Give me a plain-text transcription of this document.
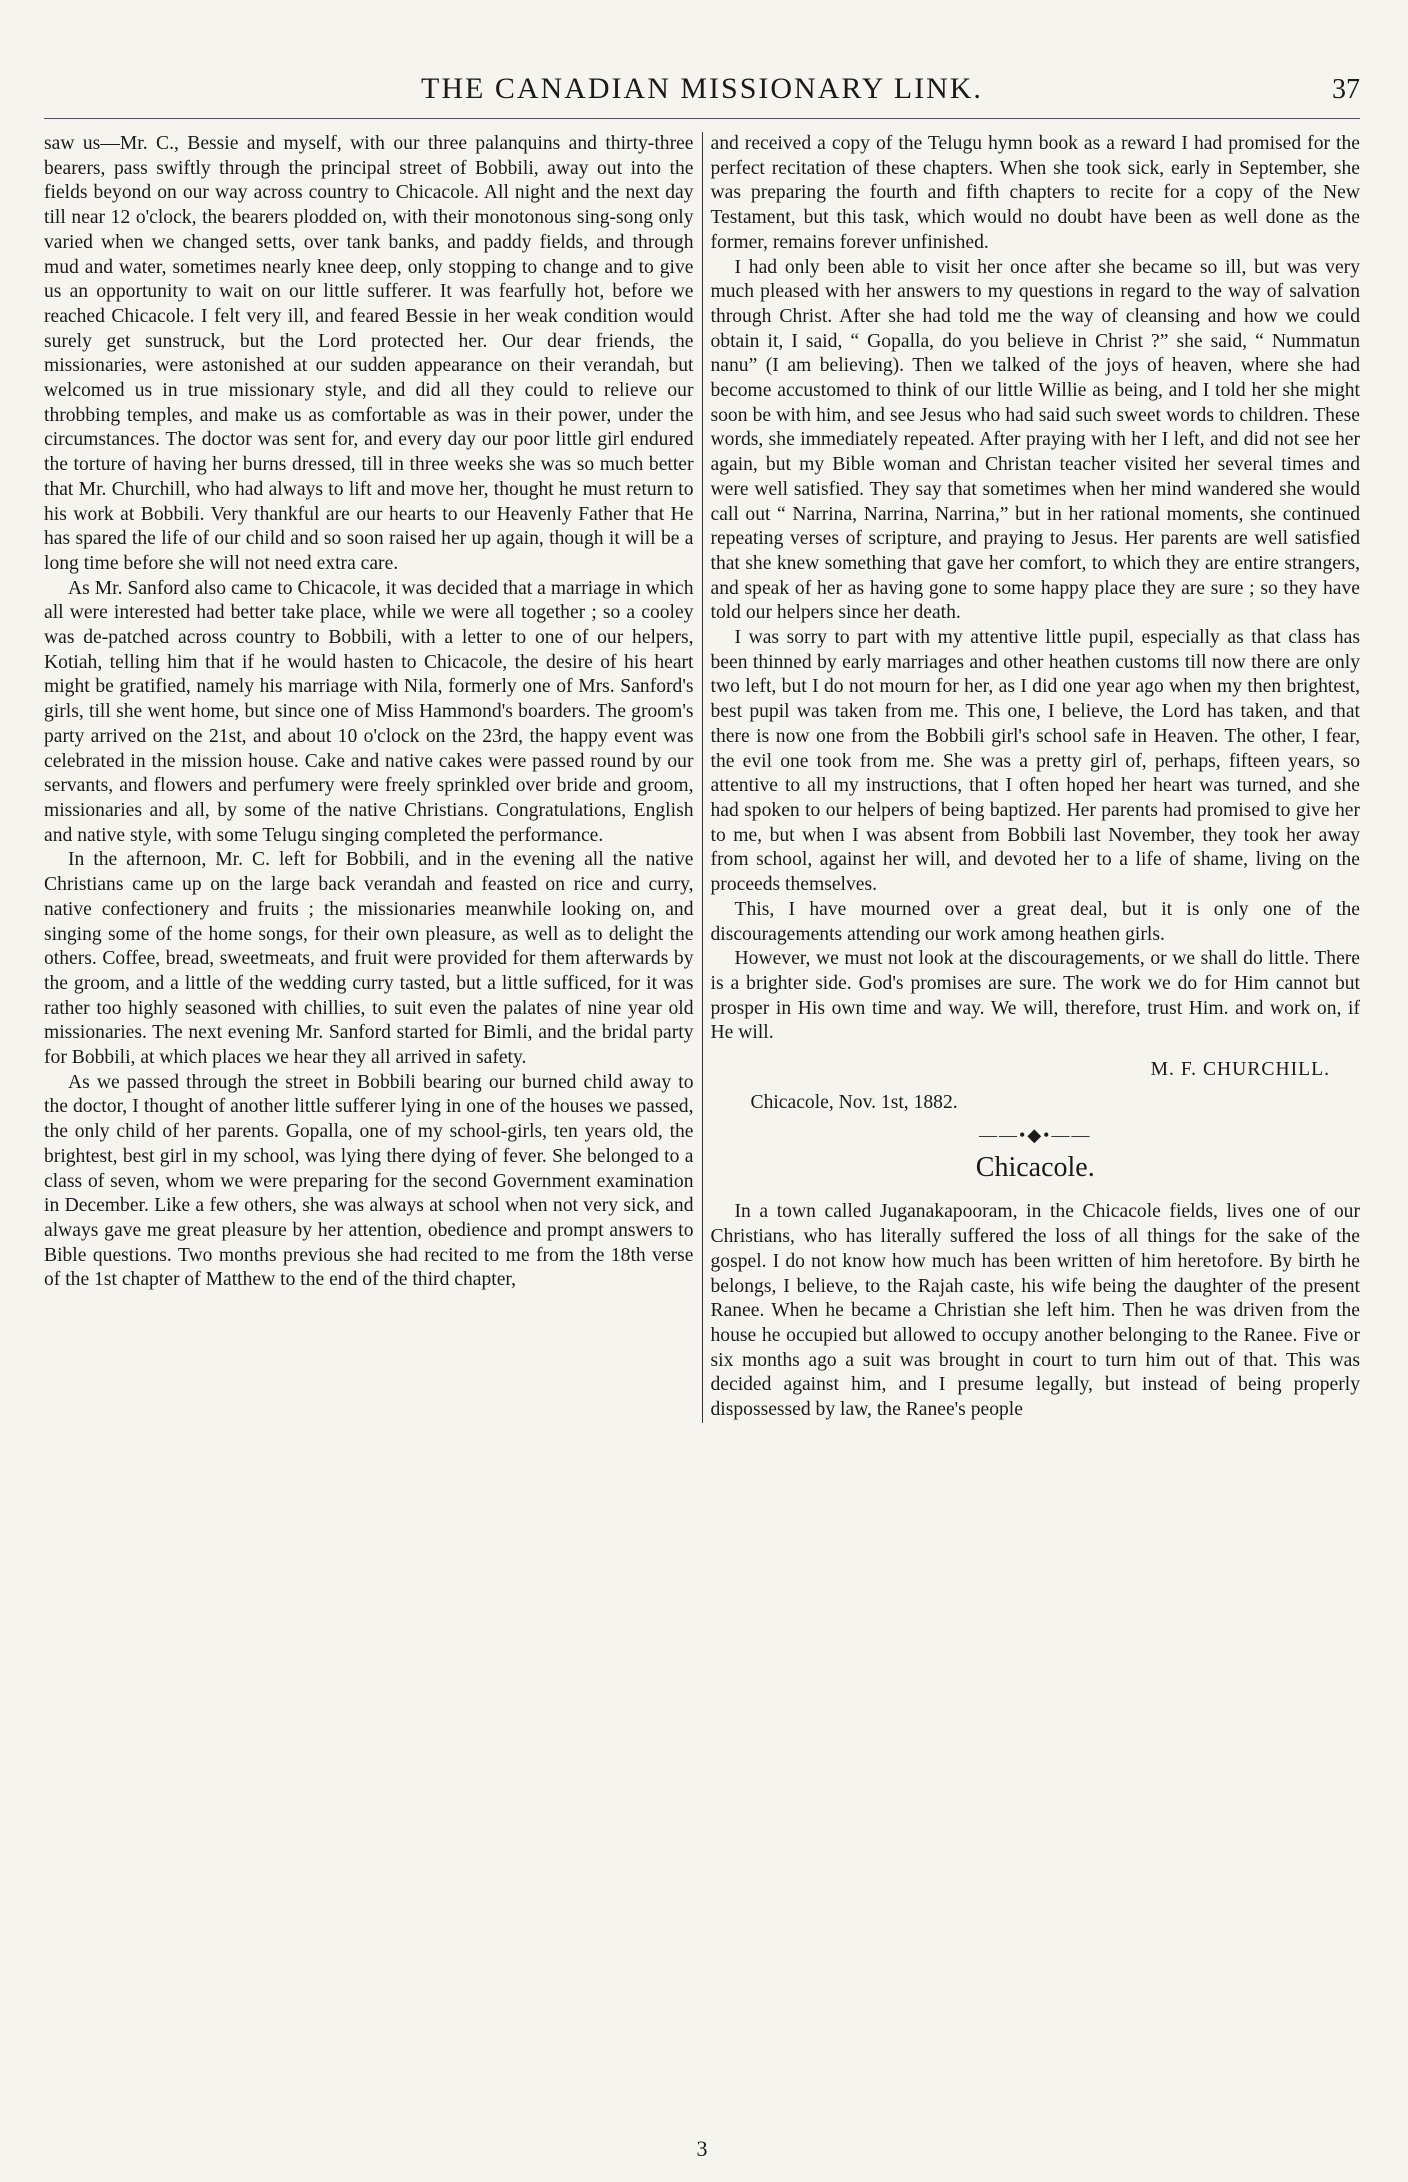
THE CANADIAN MISSIONARY LINK.	37

saw us—Mr. C., Bessie and myself, with our three palanquins and thirty-three bearers, pass swiftly through the principal street of Bobbili, away out into the fields beyond on our way across country to Chicacole. All night and the next day till near 12 o'clock, the bearers plodded on, with their monotonous sing-song only varied when we changed setts, over tank banks, and paddy fields, and through mud and water, sometimes nearly knee deep, only stopping to change and to give us an opportunity to wait on our little sufferer. It was fearfully hot, before we reached Chicacole. I felt very ill, and feared Bessie in her weak condition would surely get sunstruck, but the Lord protected her. Our dear friends, the missionaries, were astonished at our sudden appearance on their verandah, but welcomed us in true missionary style, and did all they could to relieve our throbbing temples, and make us as comfortable as was in their power, under the circumstances. The doctor was sent for, and every day our poor little girl endured the torture of having her burns dressed, till in three weeks she was so much better that Mr. Churchill, who had always to lift and move her, thought he must return to his work at Bobbili. Very thankful are our hearts to our Heavenly Father that He has spared the life of our child and so soon raised her up again, though it will be a long time before she will not need extra care.

As Mr. Sanford also came to Chicacole, it was decided that a marriage in which all were interested had better take place, while we were all together ; so a cooley was de-patched across country to Bobbili, with a letter to one of our helpers, Kotiah, telling him that if he would hasten to Chicacole, the desire of his heart might be gratified, namely his marriage with Nila, formerly one of Mrs. Sanford's girls, till she went home, but since one of Miss Hammond's boarders. The groom's party arrived on the 21st, and about 10 o'clock on the 23rd, the happy event was celebrated in the mission house. Cake and native cakes were passed round by our servants, and flowers and perfumery were freely sprinkled over bride and groom, missionaries and all, by some of the native Christians. Congratulations, English and native style, with some Telugu singing completed the performance.

In the afternoon, Mr. C. left for Bobbili, and in the evening all the native Christians came up on the large back verandah and feasted on rice and curry, native confectionery and fruits ; the missionaries meanwhile looking on, and singing some of the home songs, for their own pleasure, as well as to delight the others. Coffee, bread, sweetmeats, and fruit were provided for them afterwards by the groom, and a little of the wedding curry tasted, but a little sufficed, for it was rather too highly seasoned with chillies, to suit even the palates of nine year old missionaries. The next evening Mr. Sanford started for Bimli, and the bridal party for Bobbili, at which places we hear they all arrived in safety.

As we passed through the street in Bobbili bearing our burned child away to the doctor, I thought of another little sufferer lying in one of the houses we passed, the only child of her parents. Gopalla, one of my school-girls, ten years old, the brightest, best girl in my school, was lying there dying of fever. She belonged to a class of seven, whom we were preparing for the second Government examination in December. Like a few others, she was always at school when not very sick, and always gave me great pleasure by her attention, obedience and prompt answers to Bible questions. Two months previous she had recited to me from the 18th verse of the 1st chapter of Matthew to the end of the third chapter,

and received a copy of the Telugu hymn book as a reward I had promised for the perfect recitation of these chapters. When she took sick, early in September, she was preparing the fourth and fifth chapters to recite for a copy of the New Testament, but this task, which would no doubt have been as well done as the former, remains forever unfinished.

I had only been able to visit her once after she became so ill, but was very much pleased with her answers to my questions in regard to the way of salvation through Christ. After she had told me the way of cleansing and how we could obtain it, I said, “ Gopalla, do you believe in Christ ?” she said, “ Nummatun nanu” (I am believing). Then we talked of the joys of heaven, where she had become accustomed to think of our little Willie as being, and I told her she might soon be with him, and see Jesus who had said such sweet words to children. These words, she immediately repeated. After praying with her I left, and did not see her again, but my Bible woman and Christan teacher visited her several times and were well satisfied. They say that sometimes when her mind wandered she would call out “ Narrina, Narrina, Narrina,” but in her rational moments, she continued repeating verses of scripture, and praying to Jesus. Her parents are well satisfied that she knew something that gave her comfort, to which they are entire strangers, and speak of her as having gone to some happy place they are sure ; so they have told our helpers since her death.

I was sorry to part with my attentive little pupil, especially as that class has been thinned by early marriages and other heathen customs till now there are only two left, but I do not mourn for her, as I did one year ago when my then brightest, best pupil was taken from me. This one, I believe, the Lord has taken, and that there is now one from the Bobbili girl's school safe in Heaven. The other, I fear, the evil one took from me. She was a pretty girl of, perhaps, fifteen years, so attentive to all my instructions, that I often hoped her heart was turned, and she had spoken to our helpers of being baptized. Her parents had promised to give her to me, but when I was absent from Bobbili last November, they took her away from school, against her will, and devoted her to a life of shame, living on the proceeds themselves.

This, I have mourned over a great deal, but it is only one of the discouragements attending our work among heathen girls.

However, we must not look at the discouragements, or we shall do little. There is a brighter side. God's promises are sure. The work we do for Him cannot but prosper in His own time and way. We will, therefore, trust Him. and work on, if He will.

M. F. CHURCHILL.
Chicacole, Nov. 1st, 1882.
——•◆•——
Chicacole.

In a town called Juganakapooram, in the Chicacole fields, lives one of our Christians, who has literally suffered the loss of all things for the sake of the gospel. I do not know how much has been written of him heretofore. By birth he belongs, I believe, to the Rajah caste, his wife being the daughter of the present Ranee. When he became a Christian she left him. Then he was driven from the house he occupied but allowed to occupy another belonging to the Ranee. Five or six months ago a suit was brought in court to turn him out of that. This was decided against him, and I presume legally, but instead of being properly dispossessed by law, the Ranee's people

3
